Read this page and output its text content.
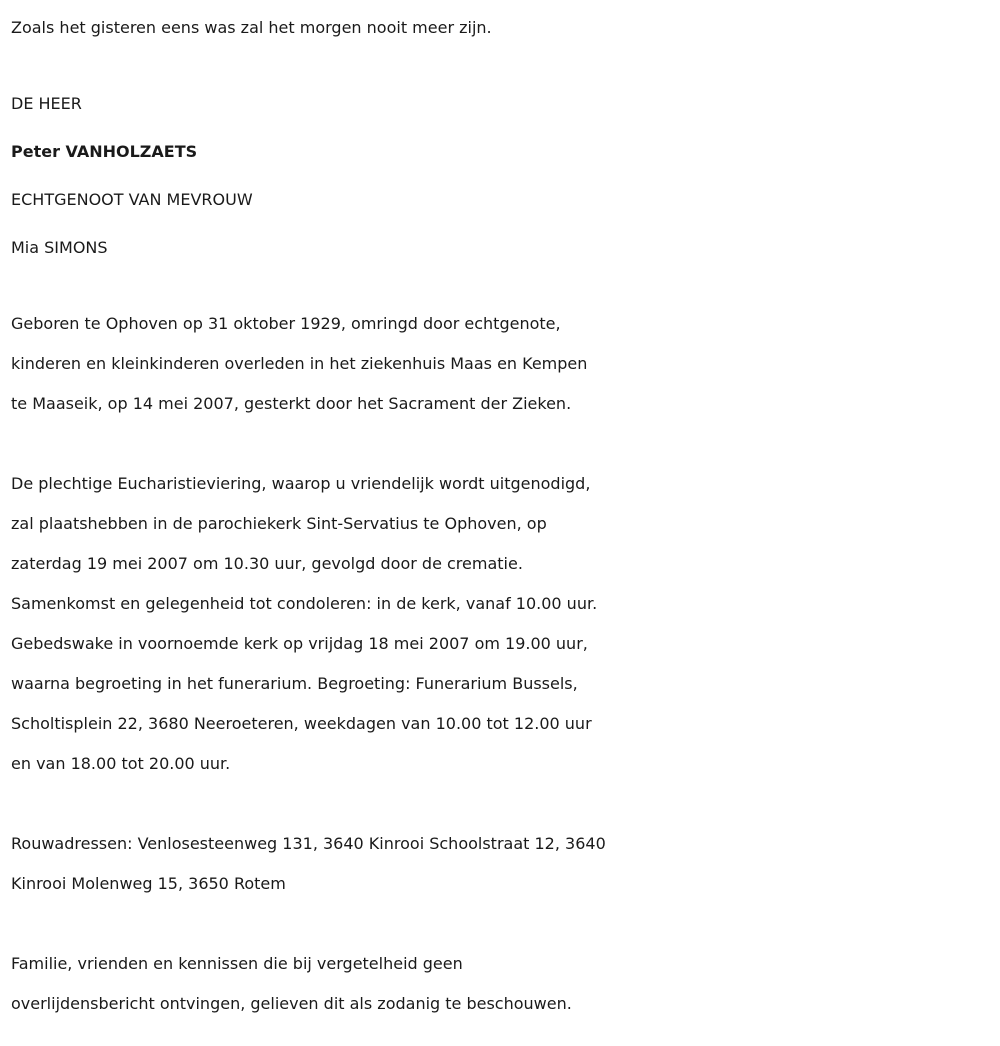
Zoals het gisteren eens was zal het morgen nooit meer zijn.
DE HEER
Peter VANHOLZAETS
ECHTGENOOT VAN MEVROUW
Mia SIMONS
Geboren te Ophoven op 31 oktober 1929, omringd door echtgenote,
kinderen en kleinkinderen overleden in het ziekenhuis Maas en Kempen
te Maaseik, op 14 mei 2007, gesterkt door het Sacrament der Zieken.
De plechtige Eucharistieviering, waarop u vriendelijk wordt uitgenodigd,
zal plaatshebben in de parochiekerk Sint-Servatius te Ophoven, op
zaterdag 19 mei 2007 om 10.30 uur, gevolgd door de crematie.
Samenkomst en gelegenheid tot condoleren: in de kerk, vanaf 10.00 uur.
Gebedswake in voornoemde kerk op vrijdag 18 mei 2007 om 19.00 uur,
waarna begroeting in het funerarium. Begroeting: Funerarium Bussels,
Scholtisplein 22, 3680 Neeroeteren, weekdagen van 10.00 tot 12.00 uur
en van 18.00 tot 20.00 uur.
Rouwadressen: Venlosesteenweg 131, 3640 Kinrooi Schoolstraat 12, 3640
Kinrooi Molenweg 15, 3650 Rotem
Familie, vrienden en kennissen die bij vergetelheid geen
overlijdensbericht ontvingen, gelieven dit als zodanig te beschouwen.
